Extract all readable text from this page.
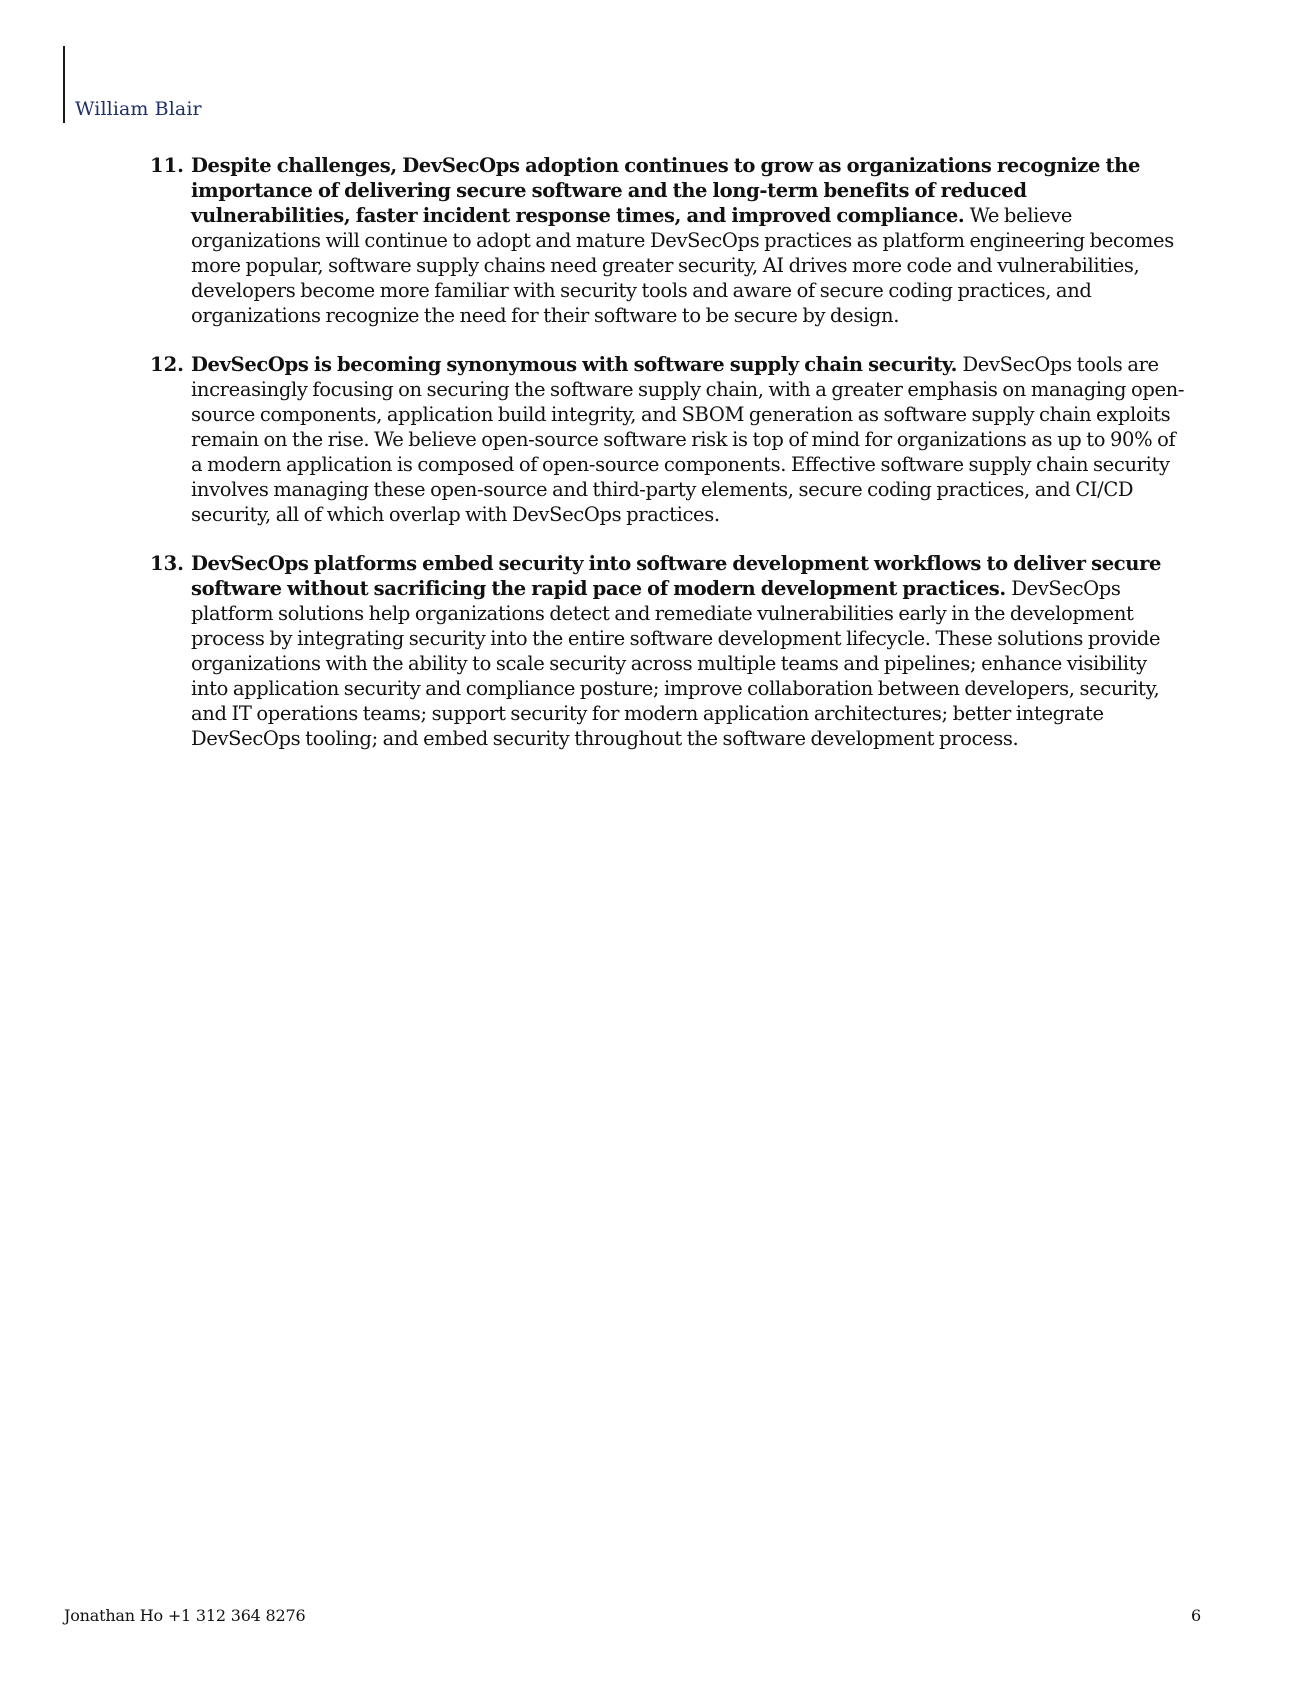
William Blair
11. Despite challenges, DevSecOps adoption continues to grow as organizations recognize the importance of delivering secure software and the long-term benefits of reduced vulnerabilities, faster incident response times, and improved compliance. We believe organizations will continue to adopt and mature DevSecOps practices as platform engineering becomes more popular, software supply chains need greater security, AI drives more code and vulnerabilities, developers become more familiar with security tools and aware of secure coding practices, and organizations recognize the need for their software to be secure by design.
12. DevSecOps is becoming synonymous with software supply chain security. DevSecOps tools are increasingly focusing on securing the software supply chain, with a greater emphasis on managing open-source components, application build integrity, and SBOM generation as software supply chain exploits remain on the rise. We believe open-source software risk is top of mind for organizations as up to 90% of a modern application is composed of open-source components. Effective software supply chain security involves managing these open-source and third-party elements, secure coding practices, and CI/CD security, all of which overlap with DevSecOps practices.
13. DevSecOps platforms embed security into software development workflows to deliver secure software without sacrificing the rapid pace of modern development practices. DevSecOps platform solutions help organizations detect and remediate vulnerabilities early in the development process by integrating security into the entire software development lifecycle. These solutions provide organizations with the ability to scale security across multiple teams and pipelines; enhance visibility into application security and compliance posture; improve collaboration between developers, security, and IT operations teams; support security for modern application architectures; better integrate DevSecOps tooling; and embed security throughout the software development process.
Jonathan Ho +1 312 364 8276	6
